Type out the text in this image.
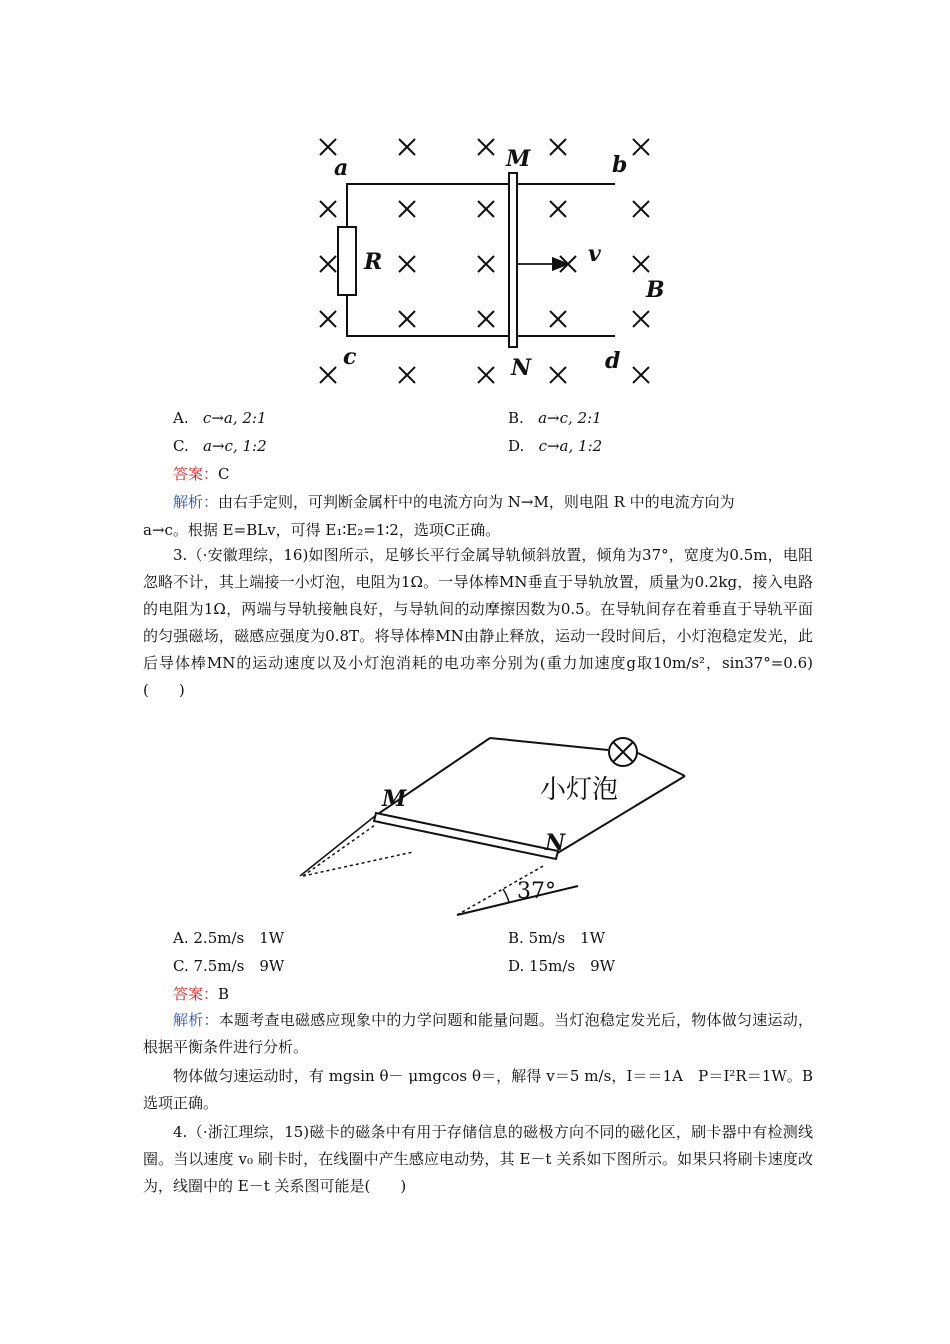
a	b
c	d
M
N
R	v
B
A. c→a, 2:1	B. a→c, 2:1
C. a→c, 1:2	D. c→a, 1:2
答案：C
解析：由右手定则，可判断金属杆中的电流方向为 N→M，则电阻 R 中的电流方向为
a→c。根据 E=BLv，可得 E₁∶E₂=1∶2，选项C正确。
3.（·安徽理综，16)如图所示，足够长平行金属导轨倾斜放置，倾角为37°，宽度为0.5m，电阻忽略不计，其上端接一小灯泡，电阻为1Ω。一导体棒MN垂直于导轨放置，质量为0.2kg，接入电路的电阻为1Ω，两端与导轨接触良好，与导轨间的动摩擦因数为0.5。在导轨间存在着垂直于导轨平面的匀强磁场，磁感应强度为0.8T。将导体棒MN由静止释放，运动一段时间后，小灯泡稳定发光，此后导体棒MN的运动速度以及小灯泡消耗的电功率分别为(重力加速度g取10m/s²，sin37°=0.6)(　　)
M
N
小灯泡
37°
A. 2.5m/s　1W	B. 5m/s　1W
C. 7.5m/s　9W	D. 15m/s　9W
答案：B
解析：本题考查电磁感应现象中的力学问题和能量问题。当灯泡稳定发光后，物体做匀速运动，根据平衡条件进行分析。
物体做匀速运动时，有 mgsin θ－ μmgcos θ＝，解得 v＝5 m/s，I＝＝1A　P＝I²R＝1W。B选项正确。
4.（·浙江理综，15)磁卡的磁条中有用于存储信息的磁极方向不同的磁化区，刷卡器中有检测线圈。当以速度 v₀ 刷卡时，在线圈中产生感应电动势，其 E－t 关系如下图所示。如果只将刷卡速度改为，线圈中的 E－t 关系图可能是(　　)
